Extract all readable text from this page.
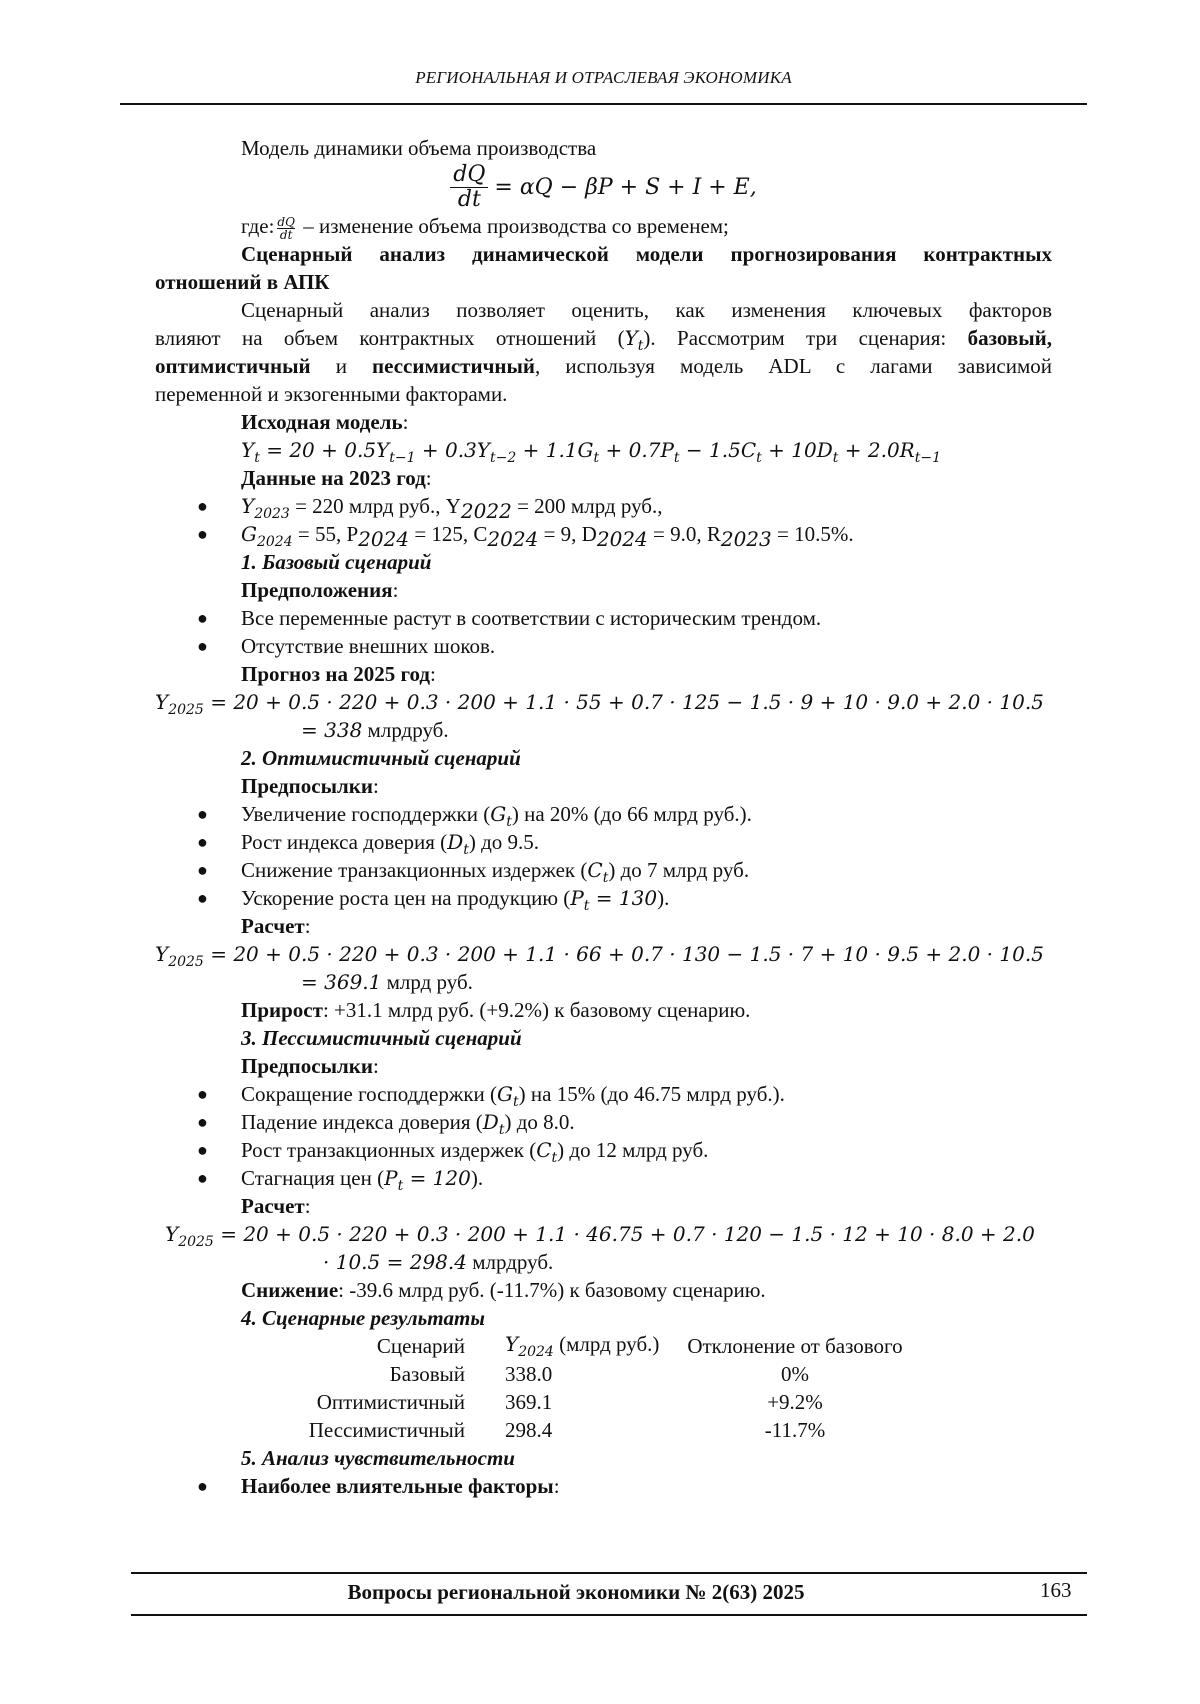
РЕГИОНАЛЬНАЯ И ОТРАСЛЕВАЯ ЭКОНОМИКА
Модель динамики объема производства
$\frac{dQ}{dt} = \alpha Q - \beta P + S + I + E$,
где: $\frac{dQ}{dt}$ – изменение объема производства со временем;
Сценарный анализ динамической модели прогнозирования контрактных
отношений в АПК
Сценарный анализ позволяет оценить, как изменения ключевых факторов
влияют на объем контрактных отношений $(Y_t)$. Рассмотрим три сценария: базовый,
оптимистичный и пессимистичный, используя модель ADL с лагами зависимой
переменной и экзогенными факторами.
Исходная модель:
$Y_t = 20 + 0.5Y_{t-1} + 0.3Y_{t-2} + 1.1G_t + 0.7P_t - 1.5C_t + 10D_t + 2.0R_{t-1}$
Данные на 2023 год:
● $Y_{2023} = 220$ млрд руб., $Y_{2022} = 200$ млрд руб.,
● $G_{2024} = 55$, $P_{2024} = 125$, $C_{2024} = 9$, $D_{2024} = 9.0$, $R_{2023} = 10.5\%$.
1. Базовый сценарий
Предположения:
● Все переменные растут в соответствии с историческим трендом.
● Отсутствие внешних шоков.
Прогноз на 2025 год:
$Y_{2025} = 20 + 0.5 \cdot 220 + 0.3 \cdot 200 + 1.1 \cdot 55 + 0.7 \cdot 125 - 1.5 \cdot 9 + 10 \cdot 9.0 + 2.0 \cdot 10.5$
= 338 млрдруб.
2. Оптимистичный сценарий
Предпосылки:
● Увеличение господдержки $(G_t)$ на 20% (до 66 млрд руб.).
● Рост индекса доверия $(D_t)$ до 9.5.
● Снижение транзакционных издержек $(C_t)$ до 7 млрд руб.
● Ускорение роста цен на продукцию $(P_t = 130)$.
Расчет:
$Y_{2025} = 20 + 0.5 \cdot 220 + 0.3 \cdot 200 + 1.1 \cdot 66 + 0.7 \cdot 130 - 1.5 \cdot 7 + 10 \cdot 9.5 + 2.0 \cdot 10.5$
= 369.1 млрд руб.
Прирост: +31.1 млрд руб. (+9.2%) к базовому сценарию.
3. Пессимистичный сценарий
Предпосылки:
● Сокращение господдержки $(G_t)$ на 15% (до 46.75 млрд руб.).
● Падение индекса доверия $(D_t)$ до 8.0.
● Рост транзакционных издержек $(C_t)$ до 12 млрд руб.
● Стагнация цен $(P_t = 120)$.
Расчет:
$Y_{2025} = 20 + 0.5 \cdot 220 + 0.3 \cdot 200 + 1.1 \cdot 46.75 + 0.7 \cdot 120 - 1.5 \cdot 12 + 10 \cdot 8.0 + 2.0$
· 10.5 = 298.4 млрдруб.
Снижение: -39.6 млрд руб. (-11.7%) к базовому сценарию.
4. Сценарные результаты
Сценарий	$Y_{2024}$ (млрд руб.)	Отклонение от базового
Базовый	338.0	0%
Оптимистичный	369.1	+9.2%
Пессимистичный	298.4	-11.7%
5. Анализ чувствительности
● Наиболее влиятельные факторы:
Вопросы региональной экономики № 2(63) 2025	163
